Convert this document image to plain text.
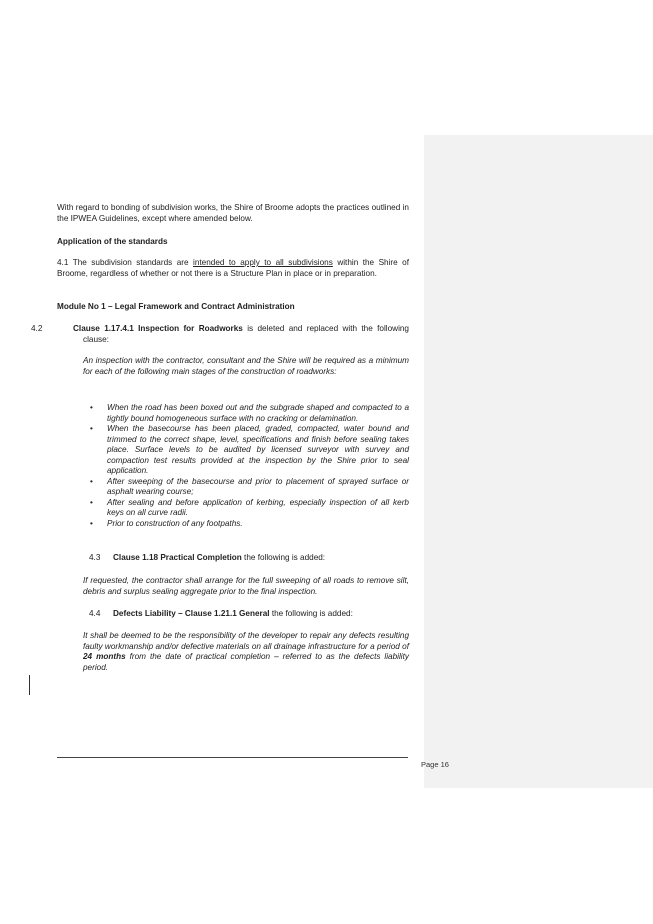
With regard to bonding of subdivision works, the Shire of Broome adopts the practices outlined in the IPWEA Guidelines, except where amended below.

Application of the standards

4.1 The subdivision standards are intended to apply to all subdivisions within the Shire of Broome, regardless of whether or not there is a Structure Plan in place or in preparation.

Module No 1 – Legal Framework and Contract Administration

4.2	Clause 1.17.4.1 Inspection for Roadworks is deleted and replaced with the following clause:

An inspection with the contractor, consultant and the Shire will be required as a minimum for each of the following main stages of the construction of roadworks:

• When the road has been boxed out and the subgrade shaped and compacted to a tightly bound homogeneous surface with no cracking or delamination.
• When the basecourse has been placed, graded, compacted, water bound and trimmed to the correct shape, level, specifications and finish before sealing takes place. Surface levels to be audited by licensed surveyor with survey and compaction test results provided at the inspection by the Shire prior to seal application.
• After sweeping of the basecourse and prior to placement of sprayed surface or asphalt wearing course;
• After sealing and before application of kerbing, especially inspection of all kerb keys on all curve radii.
• Prior to construction of any footpaths.

4.3 Clause 1.18 Practical Completion the following is added:

If requested, the contractor shall arrange for the full sweeping of all roads to remove silt, debris and surplus sealing aggregate prior to the final inspection.

4.4 Defects Liability – Clause 1.21.1 General the following is added:

It shall be deemed to be the responsibility of the developer to repair any defects resulting faulty workmanship and/or defective materials on all drainage infrastructure for a period of 24 months from the date of practical completion – referred to as the defects liability period.

Page 16
